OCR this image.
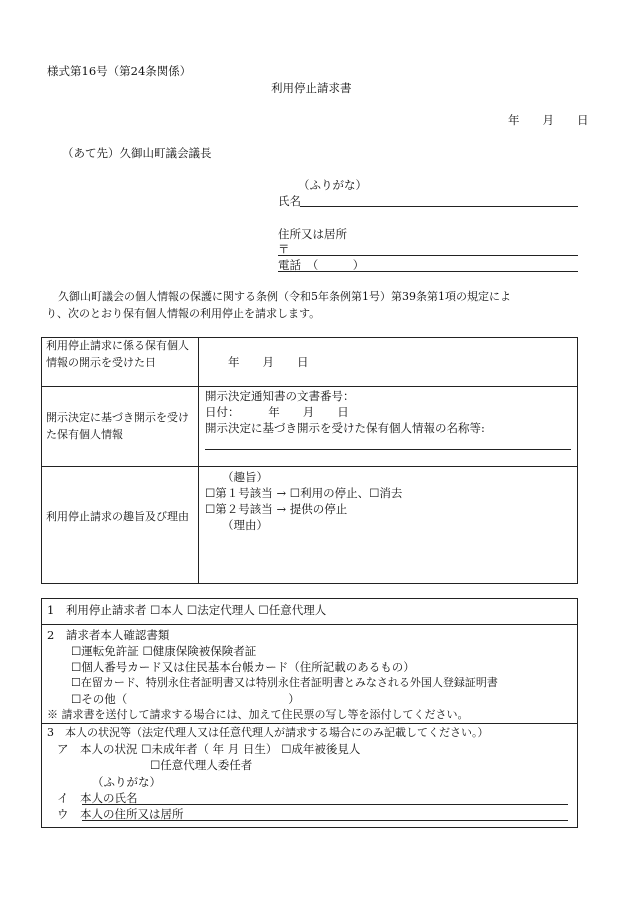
様式第16号（第24条関係）
利用停止請求書
年　　月　　日
（あて先）久御山町議会議長
（ふりがな）
氏名
住所又は居所
〒
電話　（　　　）
久御山町議会の個人情報の保護に関する条例（令和5年条例第1号）第39条第1項の規定によ
り、次のとおり保有個人情報の利用停止を請求します。
利用停止請求に係る保有個人情報の開示を受けた日	年　　月　　日
開示決定に基づき開示を受けた保有個人情報
開示決定通知書の文書番号：
日付：　　　年　　月　　日
開示決定に基づき開示を受けた保有個人情報の名称等:
利用停止請求の趣旨及び理由
（趣旨）
☐第１号該当 → ☐利用の停止、☐消去
☐第２号該当 → 提供の停止
（理由）
1　利用停止請求者 ☐本人 ☐法定代理人 ☐任意代理人
2　請求者本人確認書類
☐運転免許証 ☐健康保険被保険者証
☐個人番号カード又は住民基本台帳カード（住所記載のあるもの）
☐在留カード、特別永住者証明書又は特別永住者証明書とみなされる外国人登録証明書
☐その他（　　　　　　　　　　　　　　）
※ 請求書を送付して請求する場合には、加えて住民票の写し等を添付してください。
3　本人の状況等（法定代理人又は任意代理人が請求する場合にのみ記載してください。）
ア　本人の状況 ☐未成年者（ 年 月 日生） ☐成年被後見人
☐任意代理人委任者
（ふりがな）
イ　本人の氏名
ウ　本人の住所又は居所
